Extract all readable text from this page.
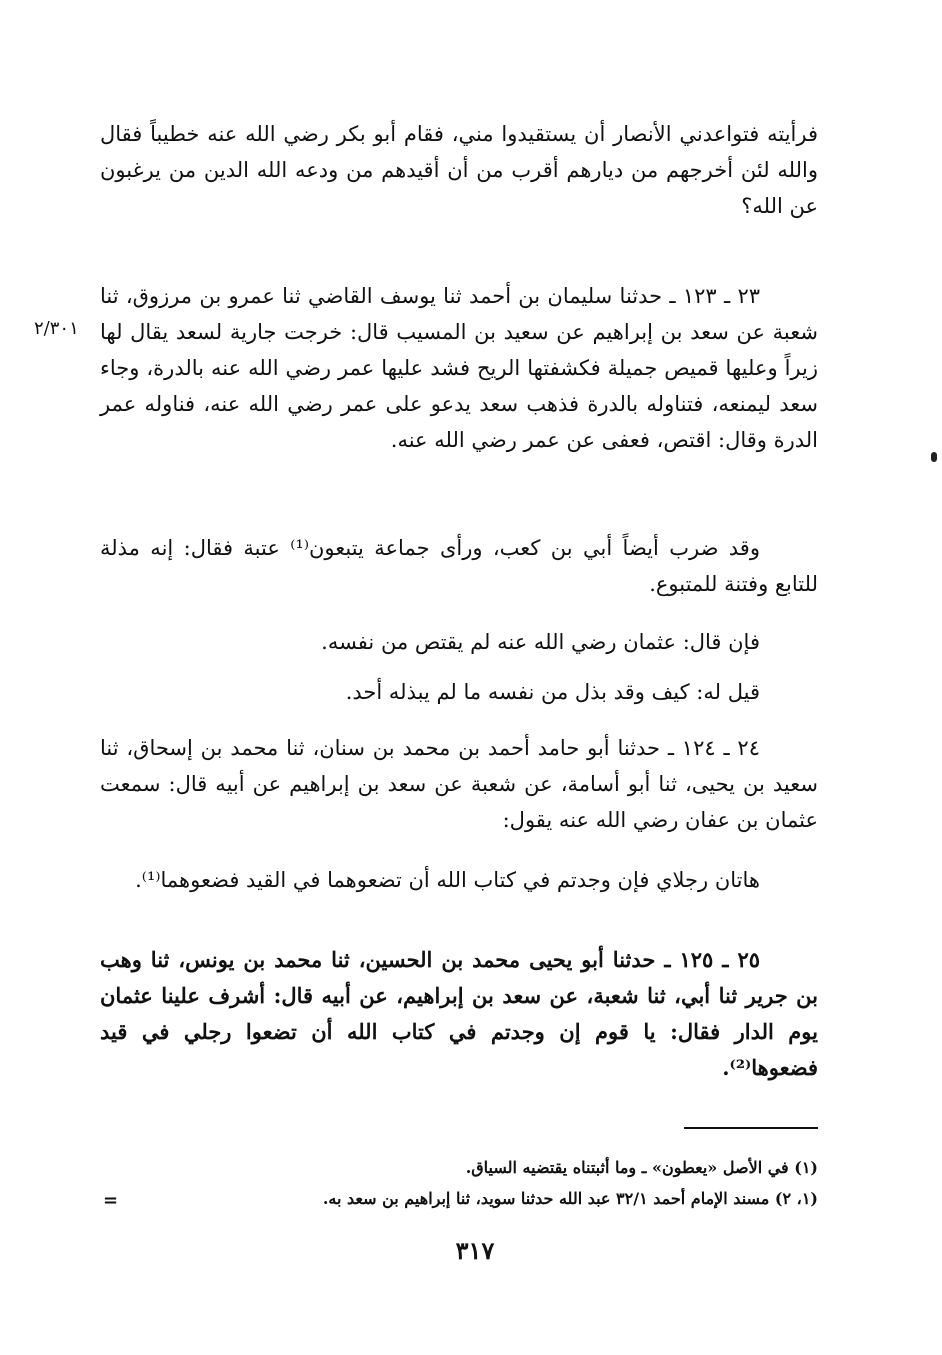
فرأيته فتواعدني الأنصار أن يستقيدوا مني، فقام أبو بكر رضي الله عنه خطيباً فقال والله لئن أخرجهم من ديارهم أقرب من أن أقيدهم من ودعه الله الدين من يرغبون عن الله؟

٢٣ ـ ١٢٣ ـ حدثنا سليمان بن أحمد ثنا يوسف القاضي ثنا عمرو بن مرزوق، ثنا شعبة عن سعد بن إبراهيم عن سعيد بن المسيب قال: خرجت جارية لسعد يقال لها زيراً وعليها قميص جميلة فكشفتها الريح فشد عليها عمر رضي الله عنه بالدرة، وجاء سعد ليمنعه، فتناوله بالدرة فذهب سعد يدعو على عمر رضي الله عنه، فناوله عمر الدرة وقال: اقتص، فعفى عن عمر رضي الله عنه.

٢/٣٠١

وقد ضرب أيضاً أبي بن كعب، ورأى جماعة يتبعون⁽¹⁾ عتبة فقال: إنه مذلة للتابع وفتنة للمتبوع.

فإن قال: عثمان رضي الله عنه لم يقتص من نفسه.

قيل له: كيف وقد بذل من نفسه ما لم يبذله أحد.

٢٤ ـ ١٢٤ ـ حدثنا أبو حامد أحمد بن محمد بن سنان، ثنا محمد بن إسحاق، ثنا سعيد بن يحيى، ثنا أبو أسامة، عن شعبة عن سعد بن إبراهيم عن أبيه قال: سمعت عثمان بن عفان رضي الله عنه يقول:

هاتان رجلاي فإن وجدتم في كتاب الله أن تضعوهما في القيد فضعوهما⁽¹⁾.

٢٥ ـ ١٢٥ ـ حدثنا أبو يحيى محمد بن الحسين، ثنا محمد بن يونس، ثنا وهب بن جرير ثنا أبي، ثنا شعبة، عن سعد بن إبراهيم، عن أبيه قال: أشرف علينا عثمان يوم الدار فقال: يا قوم إن وجدتم في كتاب الله أن تضعوا رجلي في قيد فضعوها⁽²⁾.

(١) في الأصل «يعطون» ـ وما أثبتناه يقتضيه السياق.

(١، ٢) مسند الإمام أحمد ٣٢/١ عبد الله حدثنا سويد، ثنا إبراهيم بن سعد به.

=
٣١٧
